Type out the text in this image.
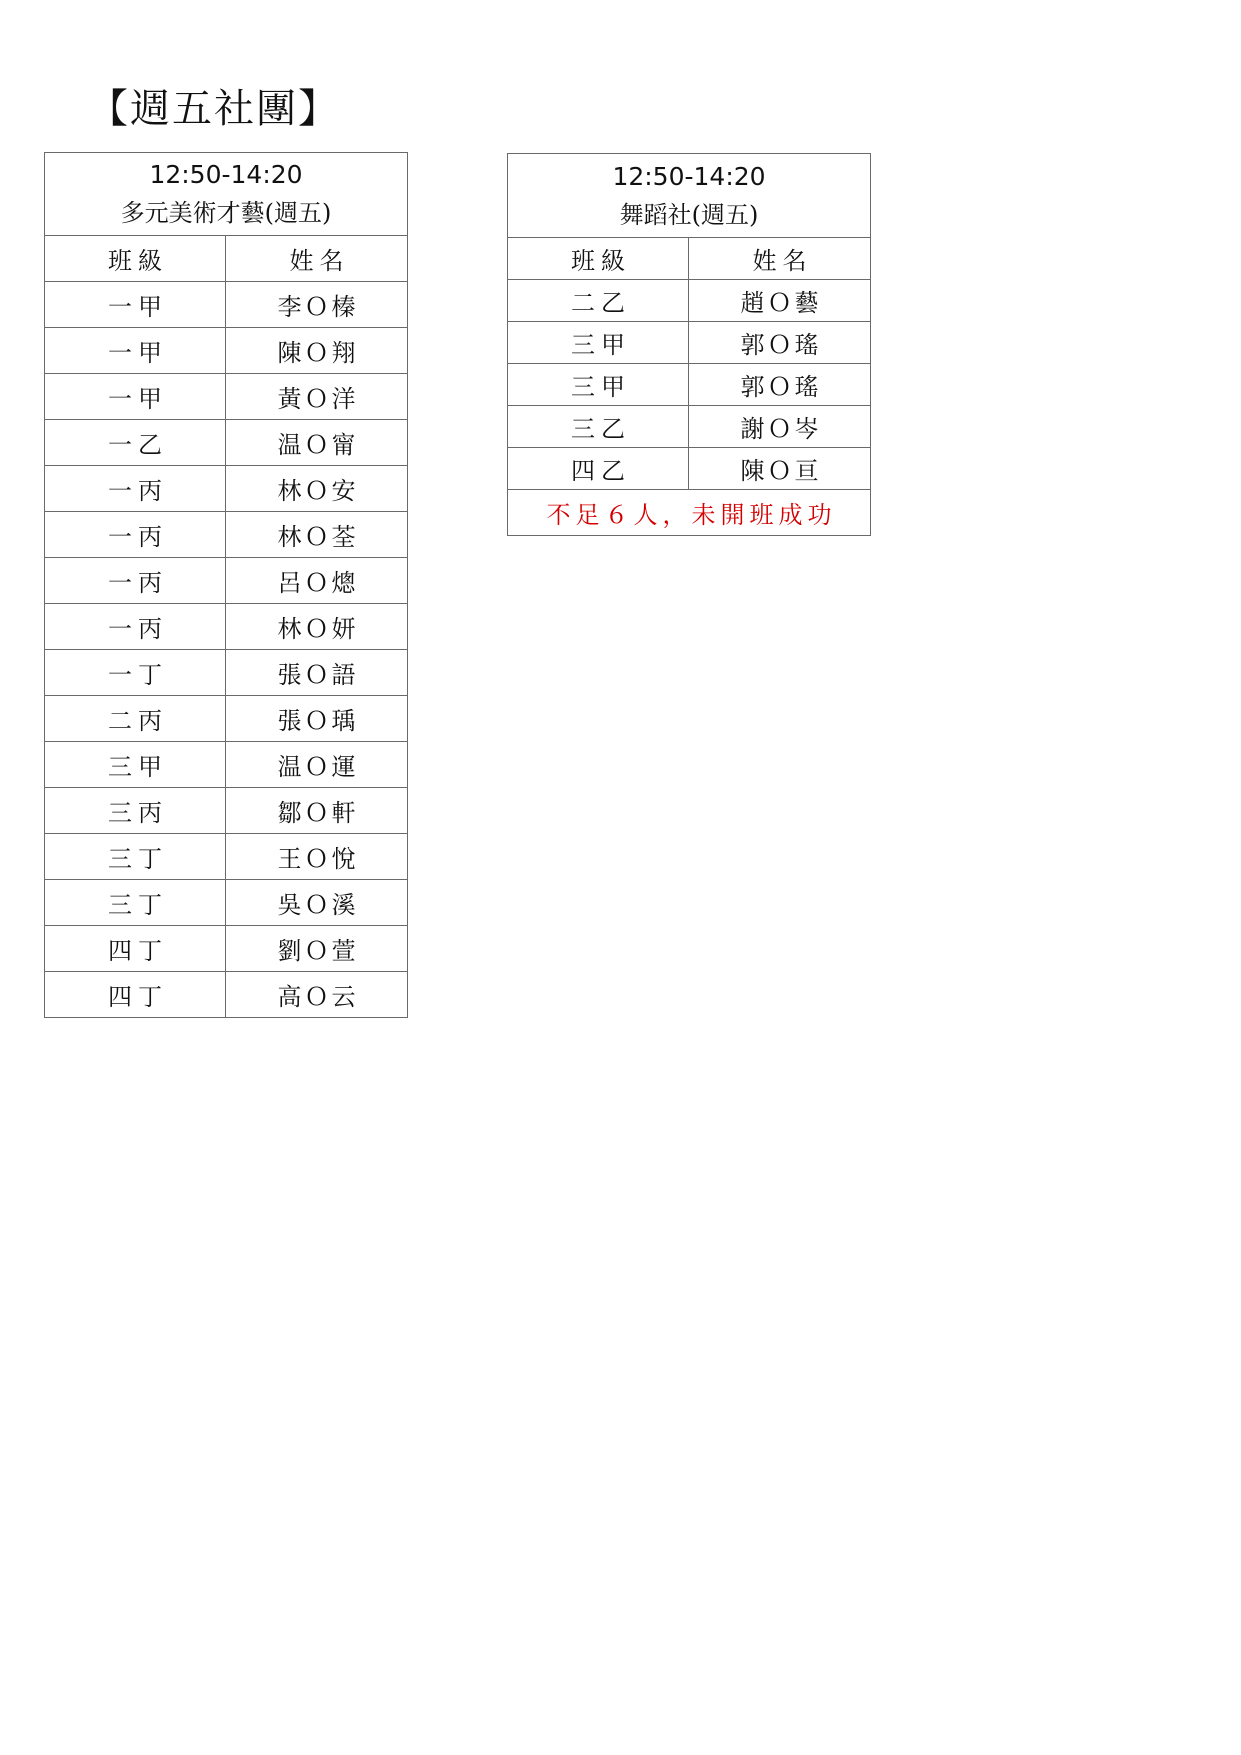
【週五社團】
12:50-14:20
多元美術才藝(週五)	

班級	姓名
一甲	李Ｏ榛
一甲	陳Ｏ翔
一甲	黃Ｏ洋
一乙	温Ｏ甯
一丙	林Ｏ安
一丙	林Ｏ荃
一丙	呂Ｏ熜
一丙	林Ｏ妍
一丁	張Ｏ語
二丙	張Ｏ瑀
三甲	温Ｏ運
三丙	鄒Ｏ軒
三丁	王Ｏ悅
三丁	吳Ｏ溪
四丁	劉Ｏ萱
四丁	高Ｏ云
12:50-14:20
舞蹈社(週五)	

班級	姓名
二乙	趙Ｏ藝
三甲	郭Ｏ瑤
三甲	郭Ｏ瑤
三乙	謝Ｏ岑
四乙	陳Ｏ亘
不足６人，未開班成功	
